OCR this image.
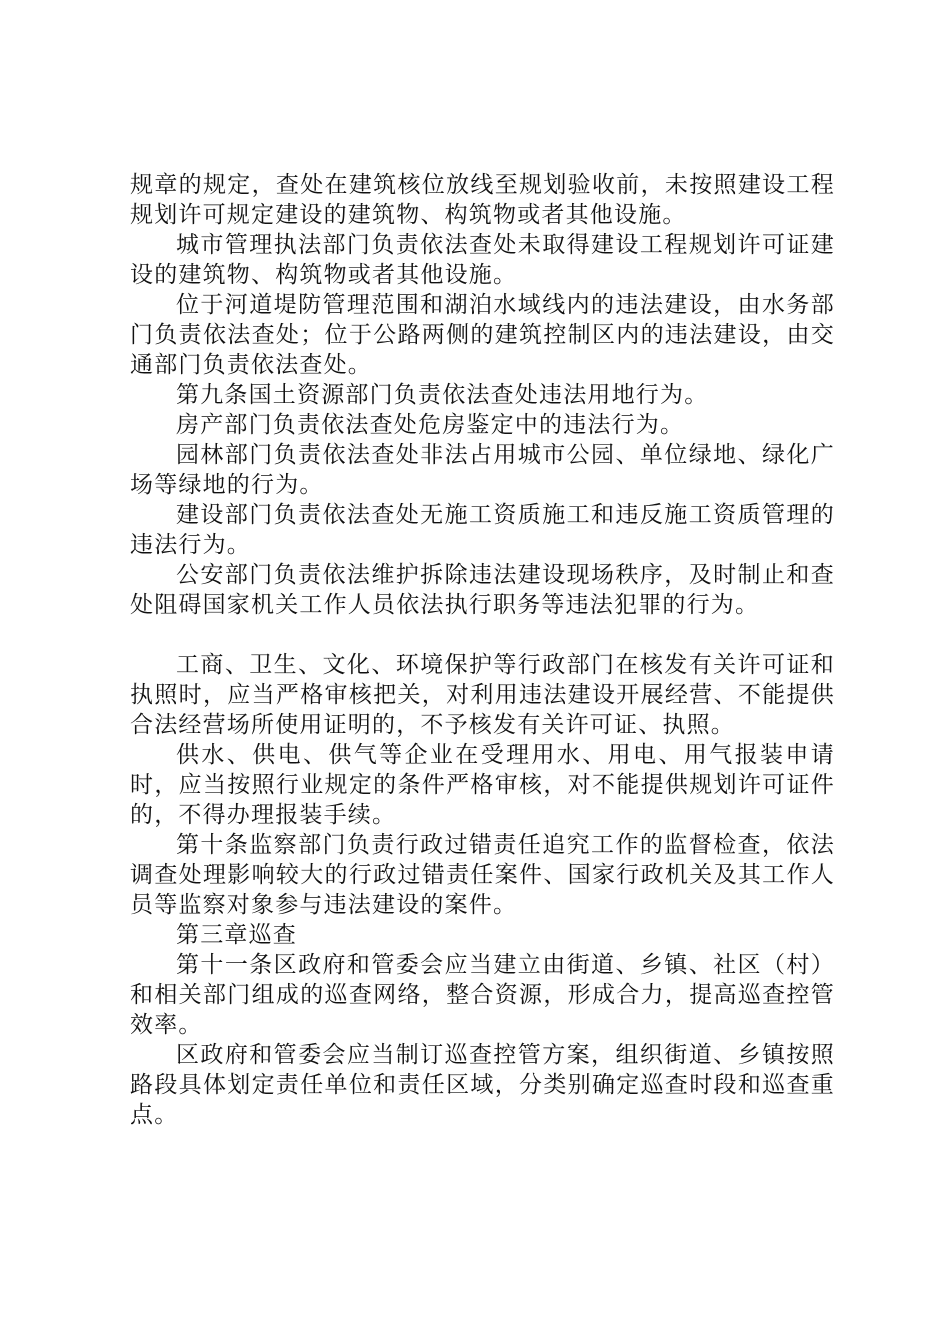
规章的规定，查处在建筑核位放线至规划验收前，未按照建设工程规划许可规定建设的建筑物、构筑物或者其他设施。

城市管理执法部门负责依法查处未取得建设工程规划许可证建设的建筑物、构筑物或者其他设施。

位于河道堤防管理范围和湖泊水域线内的违法建设，由水务部门负责依法查处；位于公路两侧的建筑控制区内的违法建设，由交通部门负责依法查处。

第九条国土资源部门负责依法查处违法用地行为。

房产部门负责依法查处危房鉴定中的违法行为。

园林部门负责依法查处非法占用城市公园、单位绿地、绿化广场等绿地的行为。

建设部门负责依法查处无施工资质施工和违反施工资质管理的违法行为。

公安部门负责依法维护拆除违法建设现场秩序，及时制止和查处阻碍国家机关工作人员依法执行职务等违法犯罪的行为。

工商、卫生、文化、环境保护等行政部门在核发有关许可证和执照时，应当严格审核把关，对利用违法建设开展经营、不能提供合法经营场所使用证明的，不予核发有关许可证、执照。

供水、供电、供气等企业在受理用水、用电、用气报装申请时，应当按照行业规定的条件严格审核，对不能提供规划许可证件的，不得办理报装手续。

第十条监察部门负责行政过错责任追究工作的监督检查，依法调查处理影响较大的行政过错责任案件、国家行政机关及其工作人员等监察对象参与违法建设的案件。

第三章巡查

第十一条区政府和管委会应当建立由街道、乡镇、社区（村）和相关部门组成的巡查网络，整合资源，形成合力，提高巡查控管效率。

区政府和管委会应当制订巡查控管方案，组织街道、乡镇按照路段具体划定责任单位和责任区域，分类别确定巡查时段和巡查重点。
